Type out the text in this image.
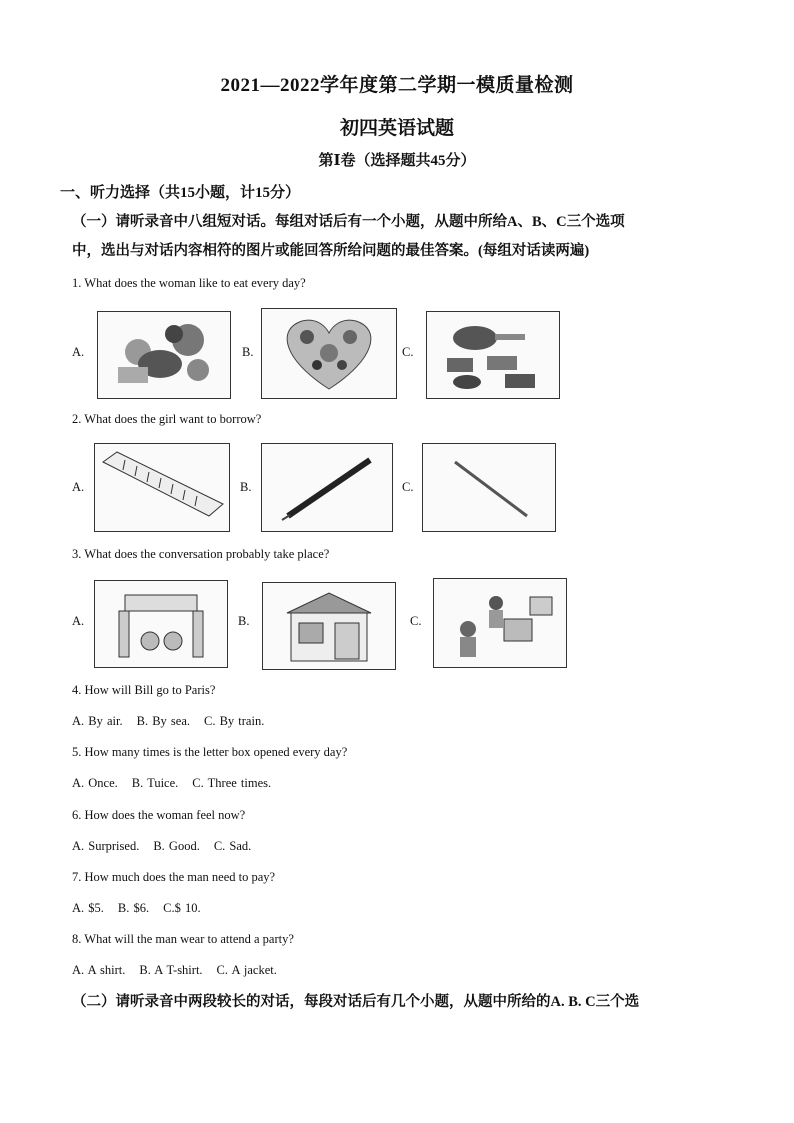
2021—2022学年度第二学期一模质量检测
初四英语试题
第Ⅰ卷（选择题共45分）
一、听力选择（共15小题，计15分）
（一）请听录音中八组短对话。每组对话后有一个小题，从题中所给A、B、C三个选项
中，选出与对话内容相符的图片或能回答所给问题的最佳答案。(每组对话读两遍)
1. What does the woman like to eat every day?
A.	B.	C.
2. What does the girl want to borrow?
A.	B.	C.
3. What does the conversation probably take place?
A.	B.	C.
4. How will Bill go to Paris?
A. By air. B. By sea. C. By train.
5. How many times is the letter box opened every day?
A. Once. B. Tuice. C. Three times.
6. How does the woman feel now?
A. Surprised. B. Good. C. Sad.
7. How much does the man need to pay?
A. $5. B. $6. C.$ 10.
8. What will the man wear to attend a party?
A. A shirt. B. A T-shirt. C. A jacket.
（二）请听录音中两段较长的对话，每段对话后有几个小题，从题中所给的A. B. C三个选
